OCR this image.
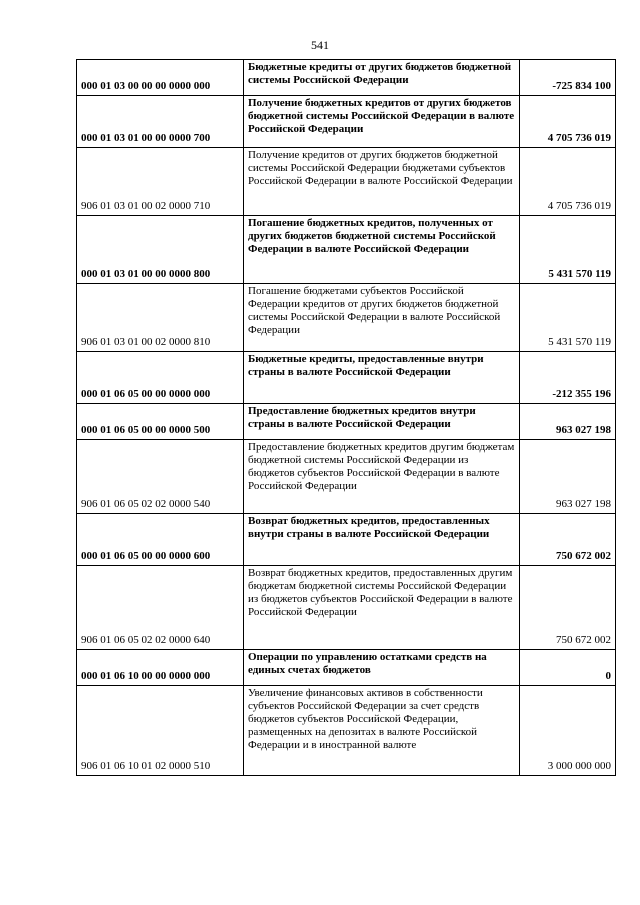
541
000 01 03 00 00 00 0000 000	Бюджетные кредиты от других бюджетов бюджетной системы Российской Федерации	-725 834 100
000 01 03 01 00 00 0000 700	Получение бюджетных кредитов от других бюджетов бюджетной системы Российской Федерации в валюте Российской Федерации	4 705 736 019
906 01 03 01 00 02 0000 710	Получение кредитов от других бюджетов бюджетной системы Российской Федерации бюджетами субъектов Российской Федерации в валюте Российской Федерации	4 705 736 019
000 01 03 01 00 00 0000 800	Погашение бюджетных кредитов, полученных от других бюджетов бюджетной системы Российской Федерации в валюте Российской Федерации	5 431 570 119
906 01 03 01 00 02 0000 810	Погашение бюджетами субъектов Российской Федерации кредитов от других бюджетов бюджетной системы Российской Федерации в валюте Российской Федерации	5 431 570 119
000 01 06 05 00 00 0000 000	Бюджетные кредиты, предоставленные внутри страны в валюте Российской Федерации	-212 355 196
000 01 06 05 00 00 0000 500	Предоставление бюджетных кредитов внутри страны в валюте Российской Федерации	963 027 198
906 01 06 05 02 02 0000 540	Предоставление бюджетных кредитов другим бюджетам бюджетной системы Российской Федерации из бюджетов субъектов Российской Федерации в валюте Российской Федерации	963 027 198
000 01 06 05 00 00 0000 600	Возврат бюджетных кредитов, предоставленных внутри страны в валюте Российской Федерации	750 672 002
906 01 06 05 02 02 0000 640	Возврат бюджетных кредитов, предоставленных другим бюджетам бюджетной системы Российской Федерации из бюджетов субъектов Российской Федерации в валюте Российской Федерации	750 672 002
000 01 06 10 00 00 0000 000	Операции по управлению остатками средств на единых счетах бюджетов	0
906 01 06 10 01 02 0000 510	Увеличение финансовых активов в собственности субъектов Российской Федерации за счет средств бюджетов субъектов Российской Федерации, размещенных на депозитах в валюте Российской Федерации и в иностранной валюте	3 000 000 000
